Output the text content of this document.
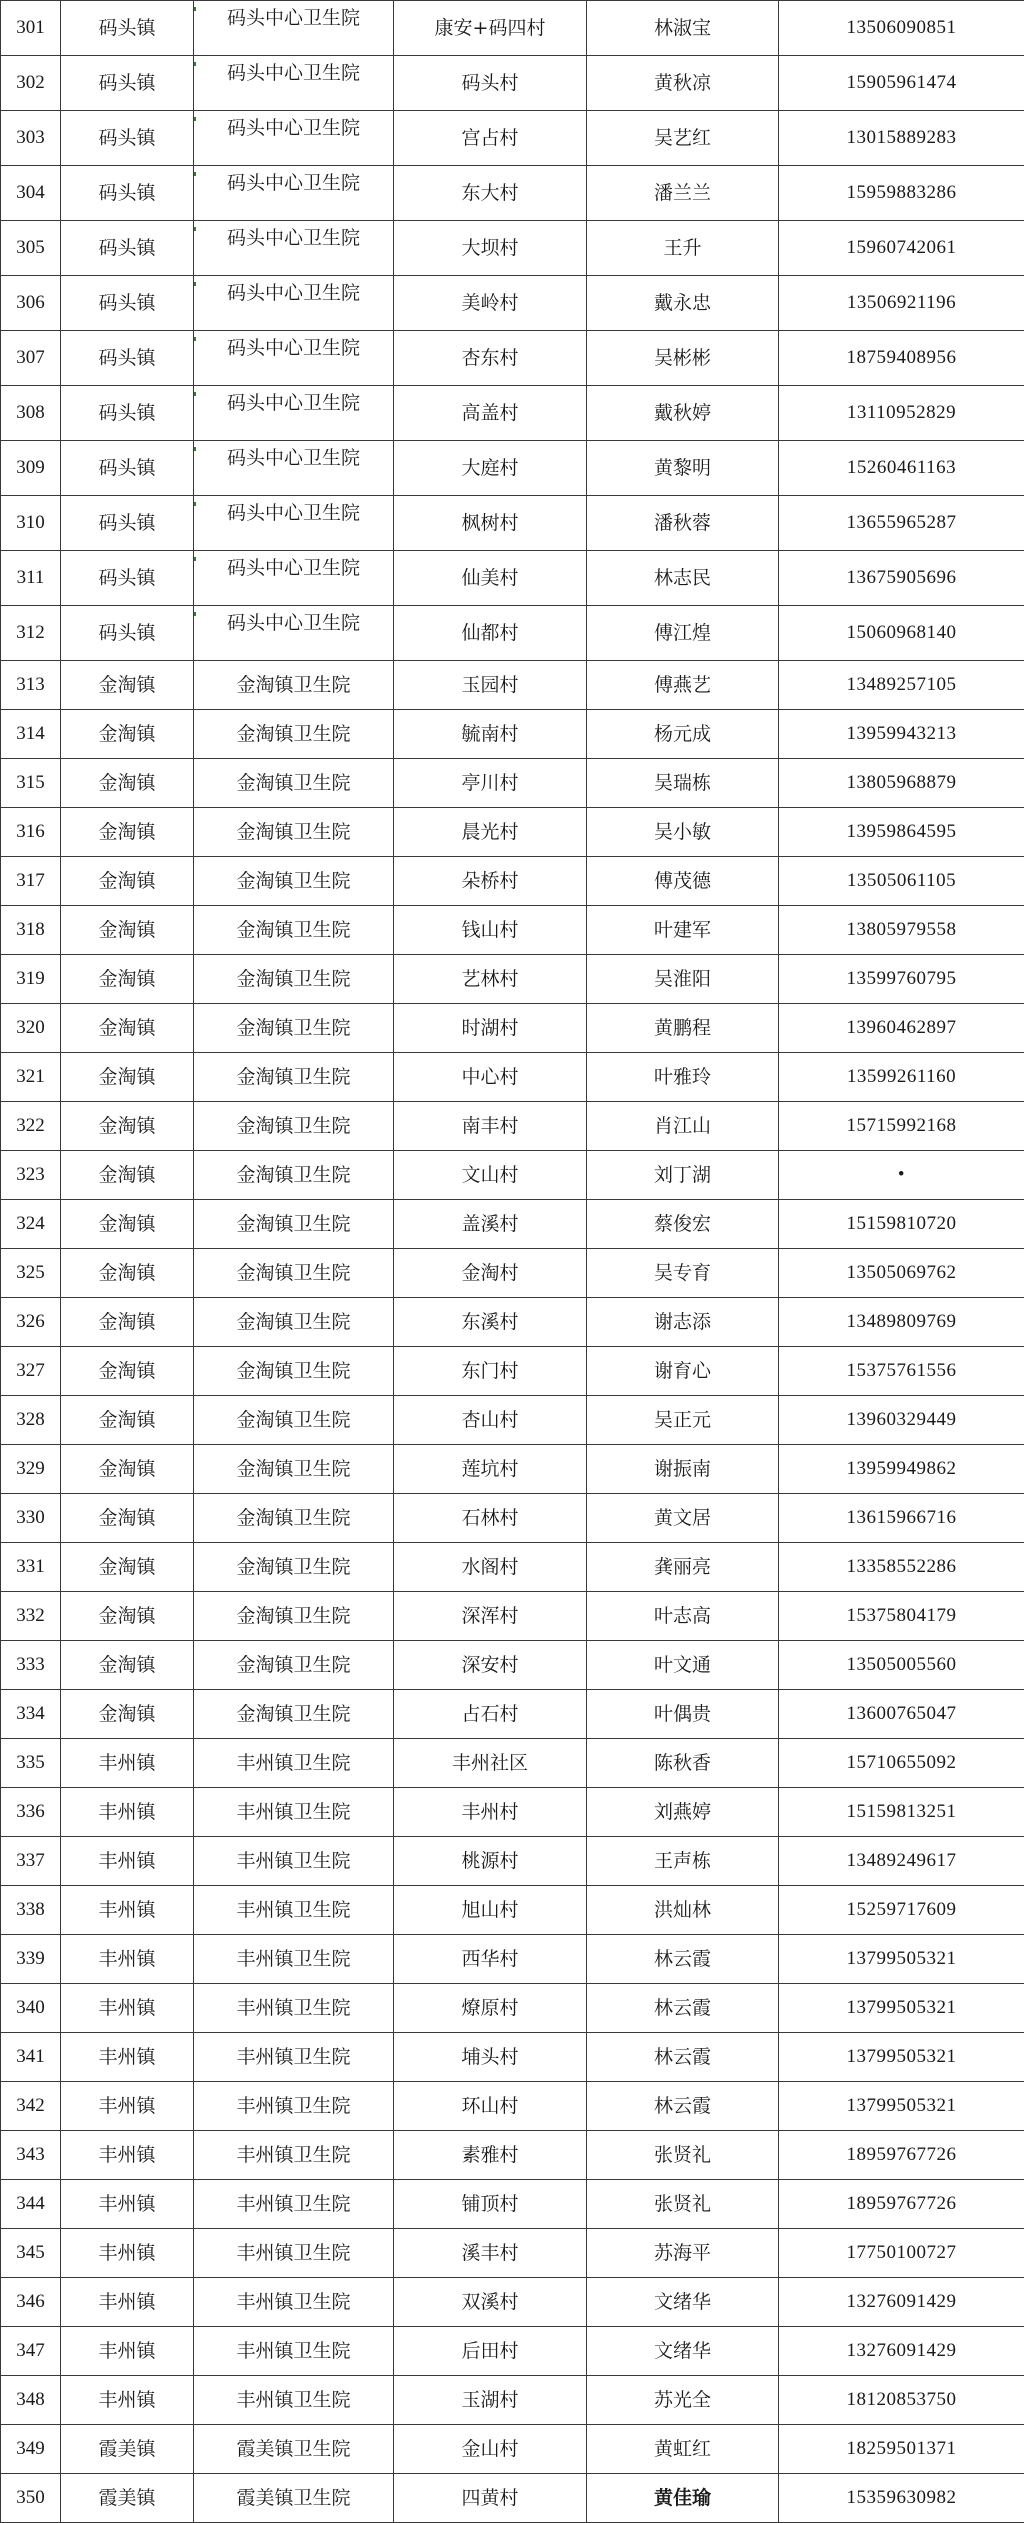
301	码头镇	码头中心卫生院	康安+码四村	林淑宝	13506090851
302	码头镇	码头中心卫生院	码头村	黄秋凉	15905961474
303	码头镇	码头中心卫生院	宫占村	吴艺红	13015889283
304	码头镇	码头中心卫生院	东大村	潘兰兰	15959883286
305	码头镇	码头中心卫生院	大坝村	王升	15960742061
306	码头镇	码头中心卫生院	美岭村	戴永忠	13506921196
307	码头镇	码头中心卫生院	杏东村	吴彬彬	18759408956
308	码头镇	码头中心卫生院	高盖村	戴秋婷	13110952829
309	码头镇	码头中心卫生院	大庭村	黄黎明	15260461163
310	码头镇	码头中心卫生院	枫树村	潘秋蓉	13655965287
311	码头镇	码头中心卫生院	仙美村	林志民	13675905696
312	码头镇	码头中心卫生院	仙都村	傅江煌	15060968140
313	金淘镇	金淘镇卫生院	玉园村	傅燕艺	13489257105
314	金淘镇	金淘镇卫生院	毓南村	杨元成	13959943213
315	金淘镇	金淘镇卫生院	亭川村	吴瑞栋	13805968879
316	金淘镇	金淘镇卫生院	晨光村	吴小敏	13959864595
317	金淘镇	金淘镇卫生院	朵桥村	傅茂德	13505061105
318	金淘镇	金淘镇卫生院	钱山村	叶建军	13805979558
319	金淘镇	金淘镇卫生院	艺林村	吴淮阳	13599760795
320	金淘镇	金淘镇卫生院	时湖村	黄鹏程	13960462897
321	金淘镇	金淘镇卫生院	中心村	叶雅玲	13599261160
322	金淘镇	金淘镇卫生院	南丰村	肖江山	15715992168
323	金淘镇	金淘镇卫生院	文山村	刘丁湖	•
324	金淘镇	金淘镇卫生院	盖溪村	蔡俊宏	15159810720
325	金淘镇	金淘镇卫生院	金淘村	吴专育	13505069762
326	金淘镇	金淘镇卫生院	东溪村	谢志添	13489809769
327	金淘镇	金淘镇卫生院	东门村	谢育心	15375761556
328	金淘镇	金淘镇卫生院	杏山村	吴正元	13960329449
329	金淘镇	金淘镇卫生院	莲坑村	谢振南	13959949862
330	金淘镇	金淘镇卫生院	石林村	黄文居	13615966716
331	金淘镇	金淘镇卫生院	水阁村	龚丽亮	13358552286
332	金淘镇	金淘镇卫生院	深浑村	叶志高	15375804179
333	金淘镇	金淘镇卫生院	深安村	叶文通	13505005560
334	金淘镇	金淘镇卫生院	占石村	叶偶贵	13600765047
335	丰州镇	丰州镇卫生院	丰州社区	陈秋香	15710655092
336	丰州镇	丰州镇卫生院	丰州村	刘燕婷	15159813251
337	丰州镇	丰州镇卫生院	桃源村	王声栋	13489249617
338	丰州镇	丰州镇卫生院	旭山村	洪灿林	15259717609
339	丰州镇	丰州镇卫生院	西华村	林云霞	13799505321
340	丰州镇	丰州镇卫生院	燎原村	林云霞	13799505321
341	丰州镇	丰州镇卫生院	埔头村	林云霞	13799505321
342	丰州镇	丰州镇卫生院	环山村	林云霞	13799505321
343	丰州镇	丰州镇卫生院	素雅村	张贤礼	18959767726
344	丰州镇	丰州镇卫生院	铺顶村	张贤礼	18959767726
345	丰州镇	丰州镇卫生院	溪丰村	苏海平	17750100727
346	丰州镇	丰州镇卫生院	双溪村	文绪华	13276091429
347	丰州镇	丰州镇卫生院	后田村	文绪华	13276091429
348	丰州镇	丰州镇卫生院	玉湖村	苏光全	18120853750
349	霞美镇	霞美镇卫生院	金山村	黄虹红	18259501371
350	霞美镇	霞美镇卫生院	四黄村	黄佳瑜	15359630982
